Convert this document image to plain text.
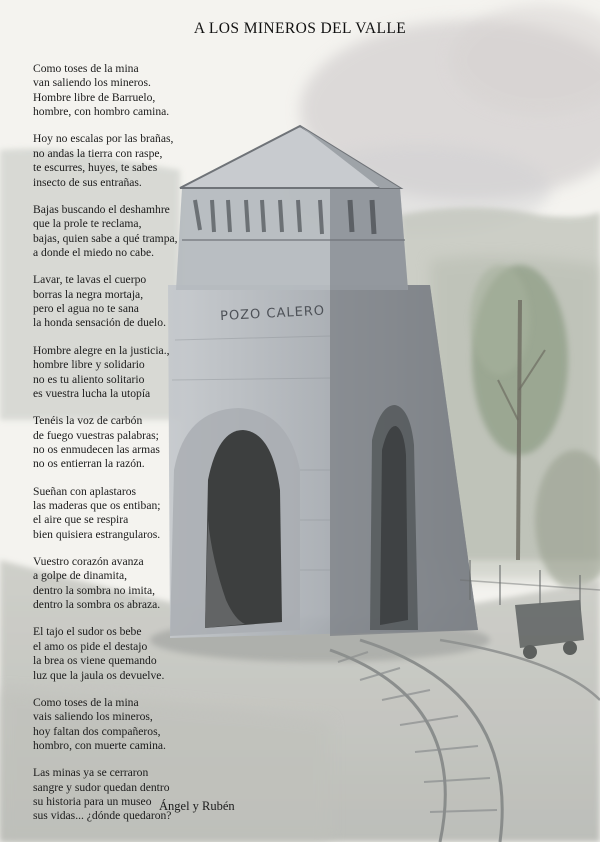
POZO CALERO
A LOS MINEROS DEL VALLE
Como toses de la mina
van saliendo los mineros.
Hombre libre de Barruelo,
hombre, con hombro camina.
Hoy no escalas por las brañas,
no andas la tierra con raspe,
te escurres, huyes, te sabes
insecto de sus entrañas.
Bajas buscando el deshamhre
que la prole te reclama,
bajas, quien sabe a qué trampa,
a donde el miedo no cabe.
Lavar, te lavas el cuerpo
borras la negra mortaja,
pero el agua no te sana
la honda sensación de duelo.
Hombre alegre en la justicia.,
hombre libre y solidario
no es tu aliento solitario
es vuestra lucha la utopía
Tenéis la voz de carbón
de fuego vuestras palabras;
no os enmudecen las armas
no os entierran la razón.
Sueñan con aplastaros
las maderas que os entiban;
el aire que se respira
bien quisiera estrangularos.
Vuestro corazón avanza
a golpe de dinamita,
dentro la sombra no imita,
dentro la sombra os abraza.
El tajo el sudor os bebe
el amo os pide el destajo
la brea os viene quemando
luz que la jaula os devuelve.
Como toses de la mina
vais saliendo los mineros,
hoy faltan dos compañeros,
hombro, con muerte camina.
Las minas ya se cerraron
sangre y sudor quedan dentro
su historia para un museo
sus vidas... ¿dónde quedaron?
Ángel y Rubén
